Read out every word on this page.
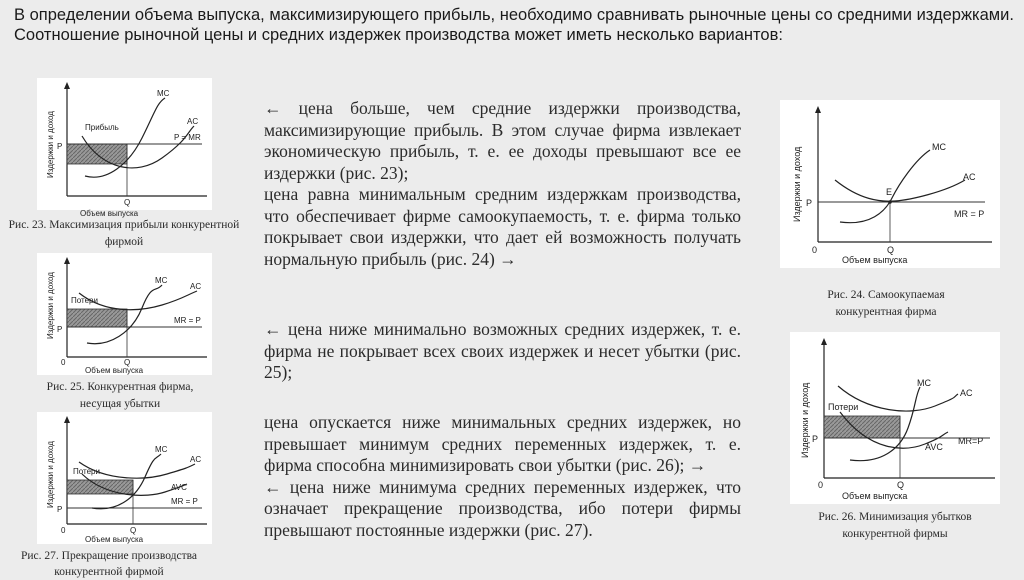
В определении объема выпуска, максимизирующего прибыль, необходимо сравнивать рыночные цены со средними издержками.

Соотношение рыночной цены и средних издержек производства может иметь несколько вариантов:

MC
AC
P = MR
Прибыль
P
Q
Объем выпуска
Издержки и доход
Рис. 23. Максимизация прибыли конкурентной фирмой
MC
AC
MR = P
Потери
P
Q
0
Объем выпуска
Издержки и доход
Рис. 25. Конкурентная фирма, несущая убытки
MC
AC
AVC
MR = P
Потери
P
Q
0
Объем выпуска
Издержки и доход
Рис. 27. Прекращение производства конкурентной фирмой

← цена больше, чем средние издержки производства, максимизирующие прибыль. В этом случае фирма извлекает экономическую прибыль, т. е. ее доходы превышают все ее издержки (рис. 23);

цена равна минимальным средним издержкам производства, что обеспечивает фирме самоокупаемость, т. е. фирма только покрывает свои издержки, что дает ей возможность получать нормальную прибыль (рис. 24) →

← цена ниже минимально возможных средних издержек, т. е. фирма не покрывает всех своих издержек и несет убытки (рис. 25);

цена опускается ниже минимальных средних издержек, но превышает минимум средних переменных издержек, т. е. фирма способна минимизировать свои убытки (рис. 26); →

← цена ниже минимума средних переменных издержек, что означает прекращение производства, ибо потери фирмы превышают постоянные издержки (рис. 27).

MC
AC
MR = P
E
P
Q
0
Объем выпуска
Издержки и доход
Рис. 24. Самоокупаемая конкурентная фирма
MC
AC
AVC
MR=P
Потери
P
Q
0
Объем выпуска
Издержки и доход
Рис. 26. Минимизация убытков конкурентной фирмы
